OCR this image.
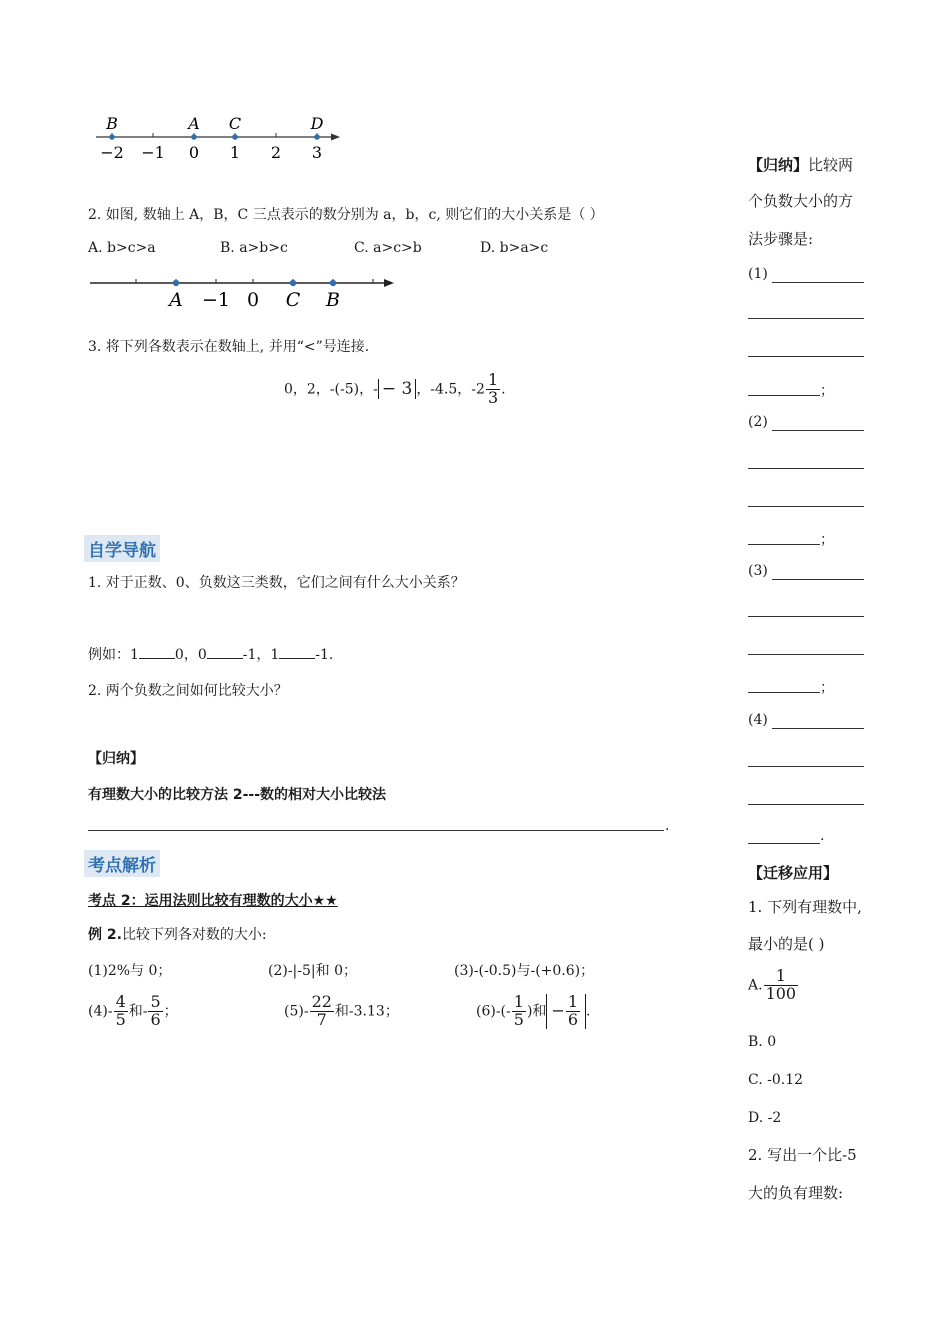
−2 −1 0 1 2 3
B	A C	D
2. 如图, 数轴上 A，B，C 三点表示的数分别为 a，b，c, 则它们的大小关系是（ ）
A. b>c>a	B. a>b>c	C. a>c>b	D. b>a>c
A −1 0 C B
3. 将下列各数表示在数轴上, 并用“<”号连接.
0，2，-(-5)，- − 3 ，-4.5，$-2 \frac{1}{3}$ .
自学导航
1. 对于正数、0、负数这三类数，它们之间有什么大小关系？
例如：1	0，0	-1，1	-1.
2. 两个负数之间如何比较大小？
【归纳】
有理数大小的比较方法 2---数的相对大小比较法
.
考点解析
考点 2：运用法则比较有理数的大小★★
例 2.比较下列各对数的大小:
(1)2%与 0；	(2)-|-5|和 0；	(3)-(-0.5)与-(+0.6)；
$(4)- \frac{4}{5}$ 和- $\frac{5}{6}$ ；	$(5)- \frac{22}{7}$ 和-3.13；	$(6)-(- \frac{1}{5}$ )和 − $\frac{1}{6}$ .
【归纳】比较两
个负数大小的方
法步骤是:
(1)
；
(2)
；
(3)
；
(4)
.
【迁移应用】
1. 下列有理数中,
最小的是( )
A. $\frac{1}{100}$
B. 0
C. -0.12
D. -2
2. 写出一个比-5
大的负有理数:
